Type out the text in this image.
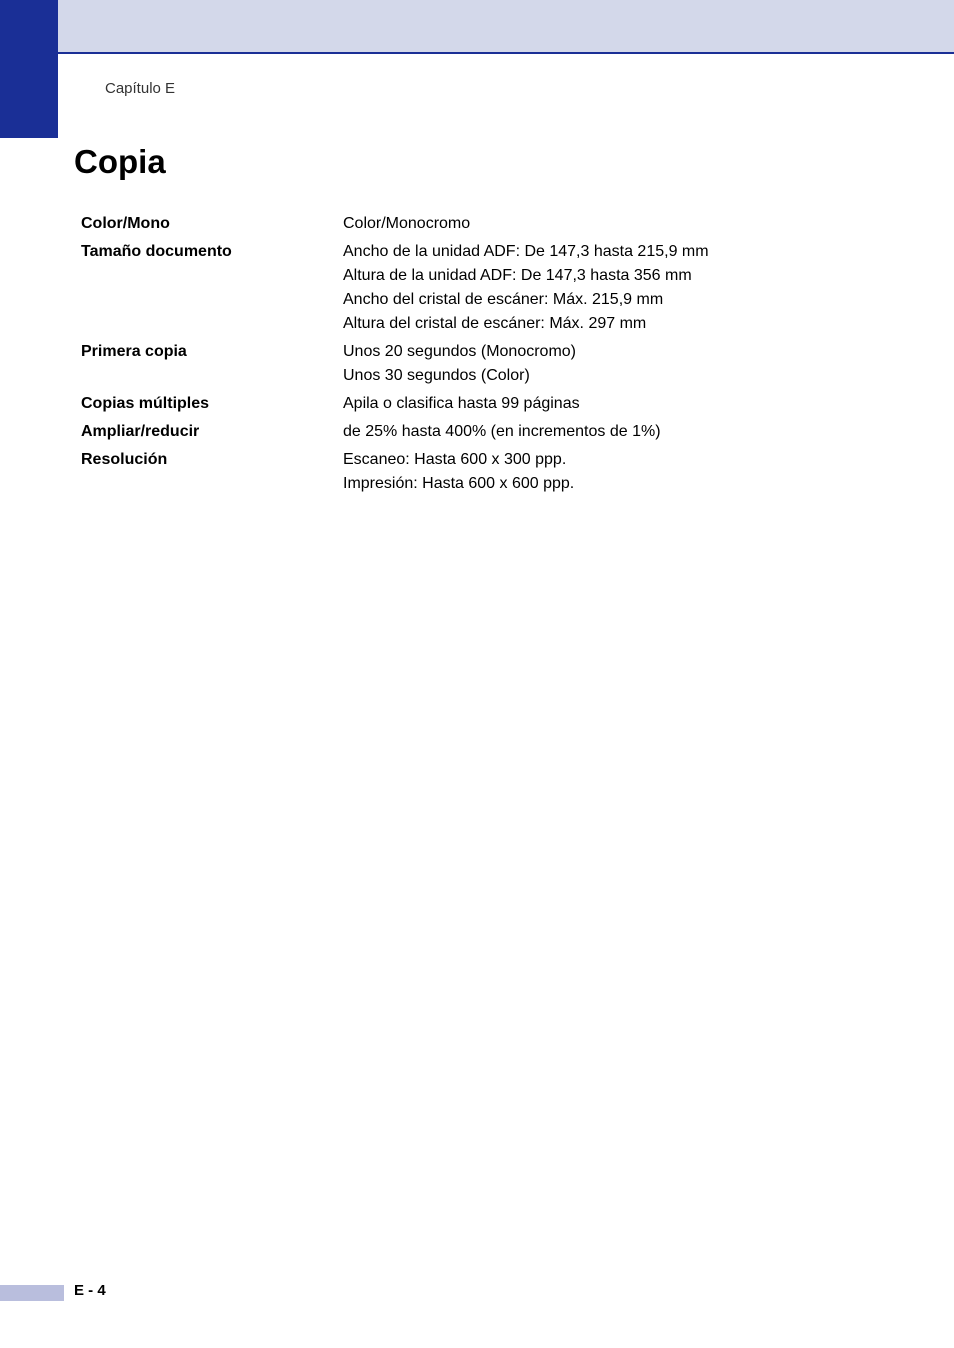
Capítulo E
Copia
Color/Mono	Color/Monocromo
Tamaño documento	Ancho de la unidad ADF: De 147,3 hasta 215,9 mm
Altura de la unidad ADF: De 147,3 hasta 356 mm
Ancho del cristal de escáner: Máx. 215,9 mm
Altura del cristal de escáner: Máx. 297 mm
Primera copia	Unos 20 segundos (Monocromo)
Unos 30 segundos (Color)
Copias múltiples	Apila o clasifica hasta 99 páginas
Ampliar/reducir	de 25% hasta 400% (en incrementos de 1%)
Resolución	Escaneo: Hasta 600 x 300 ppp.
Impresión: Hasta 600 x 600 ppp.
E - 4
